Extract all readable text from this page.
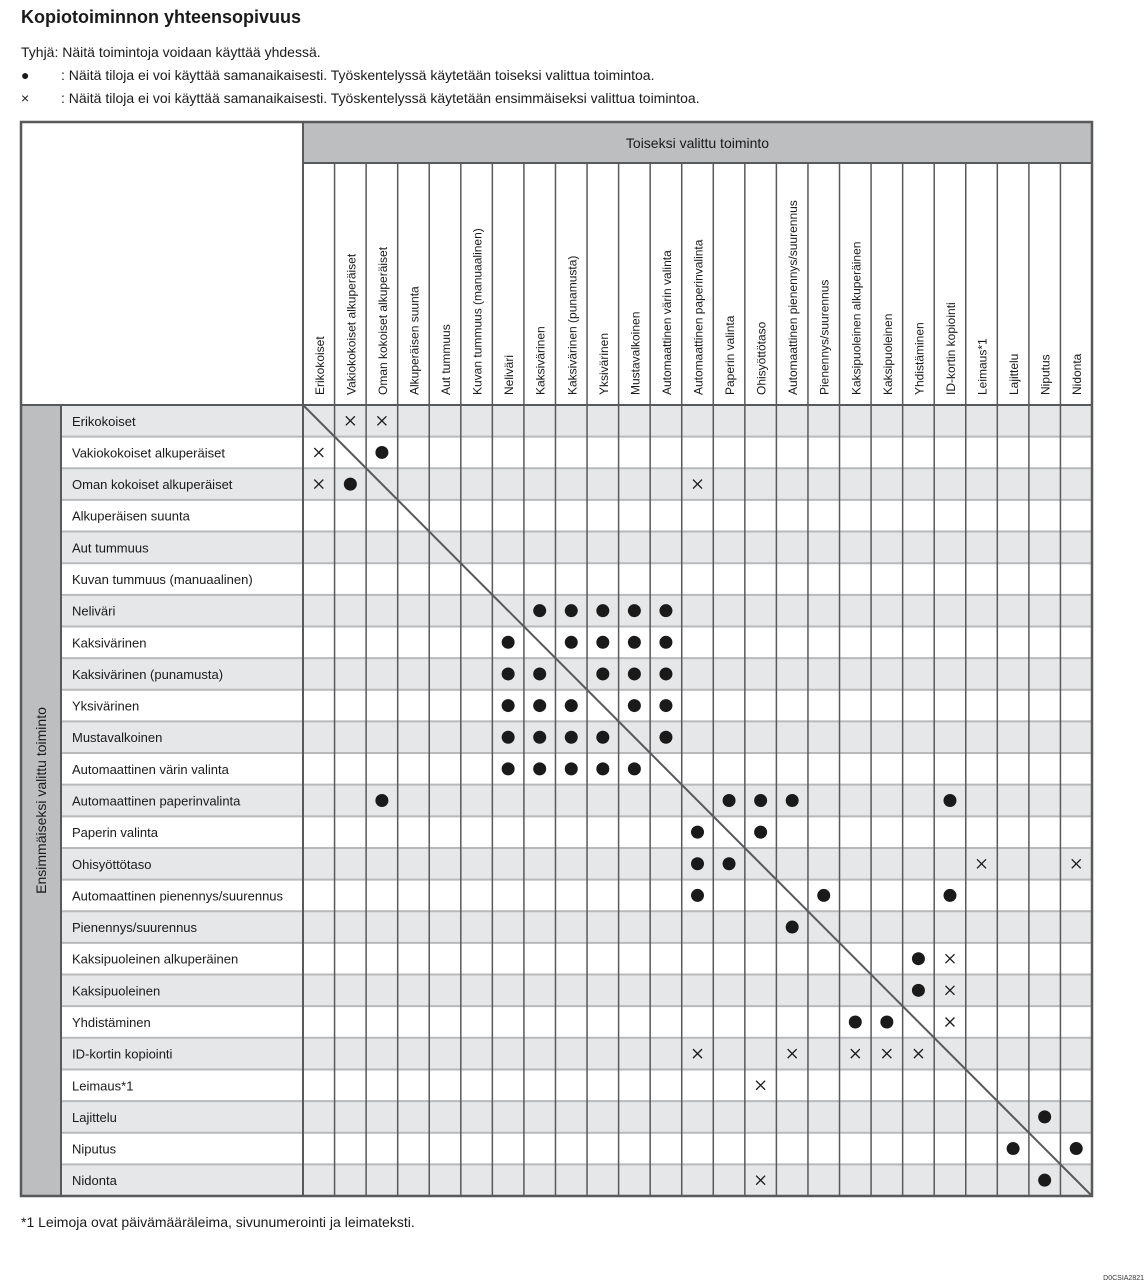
Kopiotoiminnon yhteensopivuus
Tyhjä: Näitä toimintoja voidaan käyttää yhdessä.
● : Näitä tiloja ei voi käyttää samanaikaisesti. Työskentelyssä käytetään toiseksi valittua toimintoa.
× : Näitä tiloja ei voi käyttää samanaikaisesti. Työskentelyssä käytetään ensimmäiseksi valittua toimintoa.
Toiseksi valittu toiminto
Ensimmäiseksi valittu toiminto
Erikokoiset Vakiokokoiset alkuperäiset Oman kokoiset alkuperäiset Alkuperäisen suunta Aut tummuus Kuvan tummuus (manuaalinen) Neliväri Kaksivärinen Kaksivärinen (punamusta) Yksivärinen Mustavalkoinen Automaattinen värin valinta Automaattinen paperinvalinta Paperin valinta Ohisyöttötaso Automaattinen pienennys/suurennus Pienennys/suurennus Kaksipuoleinen alkuperäinen Kaksipuoleinen Yhdistäminen ID-kortin kopiointi Leimaus*1 Lajittelu Niputus Nidonta
Erikokoiset
Vakiokokoiset alkuperäiset
Oman kokoiset alkuperäiset
Alkuperäisen suunta
Aut tummuus
Kuvan tummuus (manuaalinen)
Neliväri
Kaksivärinen
Kaksivärinen (punamusta)
Yksivärinen
Mustavalkoinen
Automaattinen värin valinta
Automaattinen paperinvalinta
Paperin valinta
Ohisyöttötaso
Automaattinen pienennys/suurennus
Pienennys/suurennus
Kaksipuoleinen alkuperäinen
Kaksipuoleinen
Yhdistäminen
ID-kortin kopiointi
Leimaus*1
Lajittelu
Niputus
Nidonta
*1 Leimoja ovat päivämääräleima, sivunumerointi ja leimateksti.
D0CSIA2821
